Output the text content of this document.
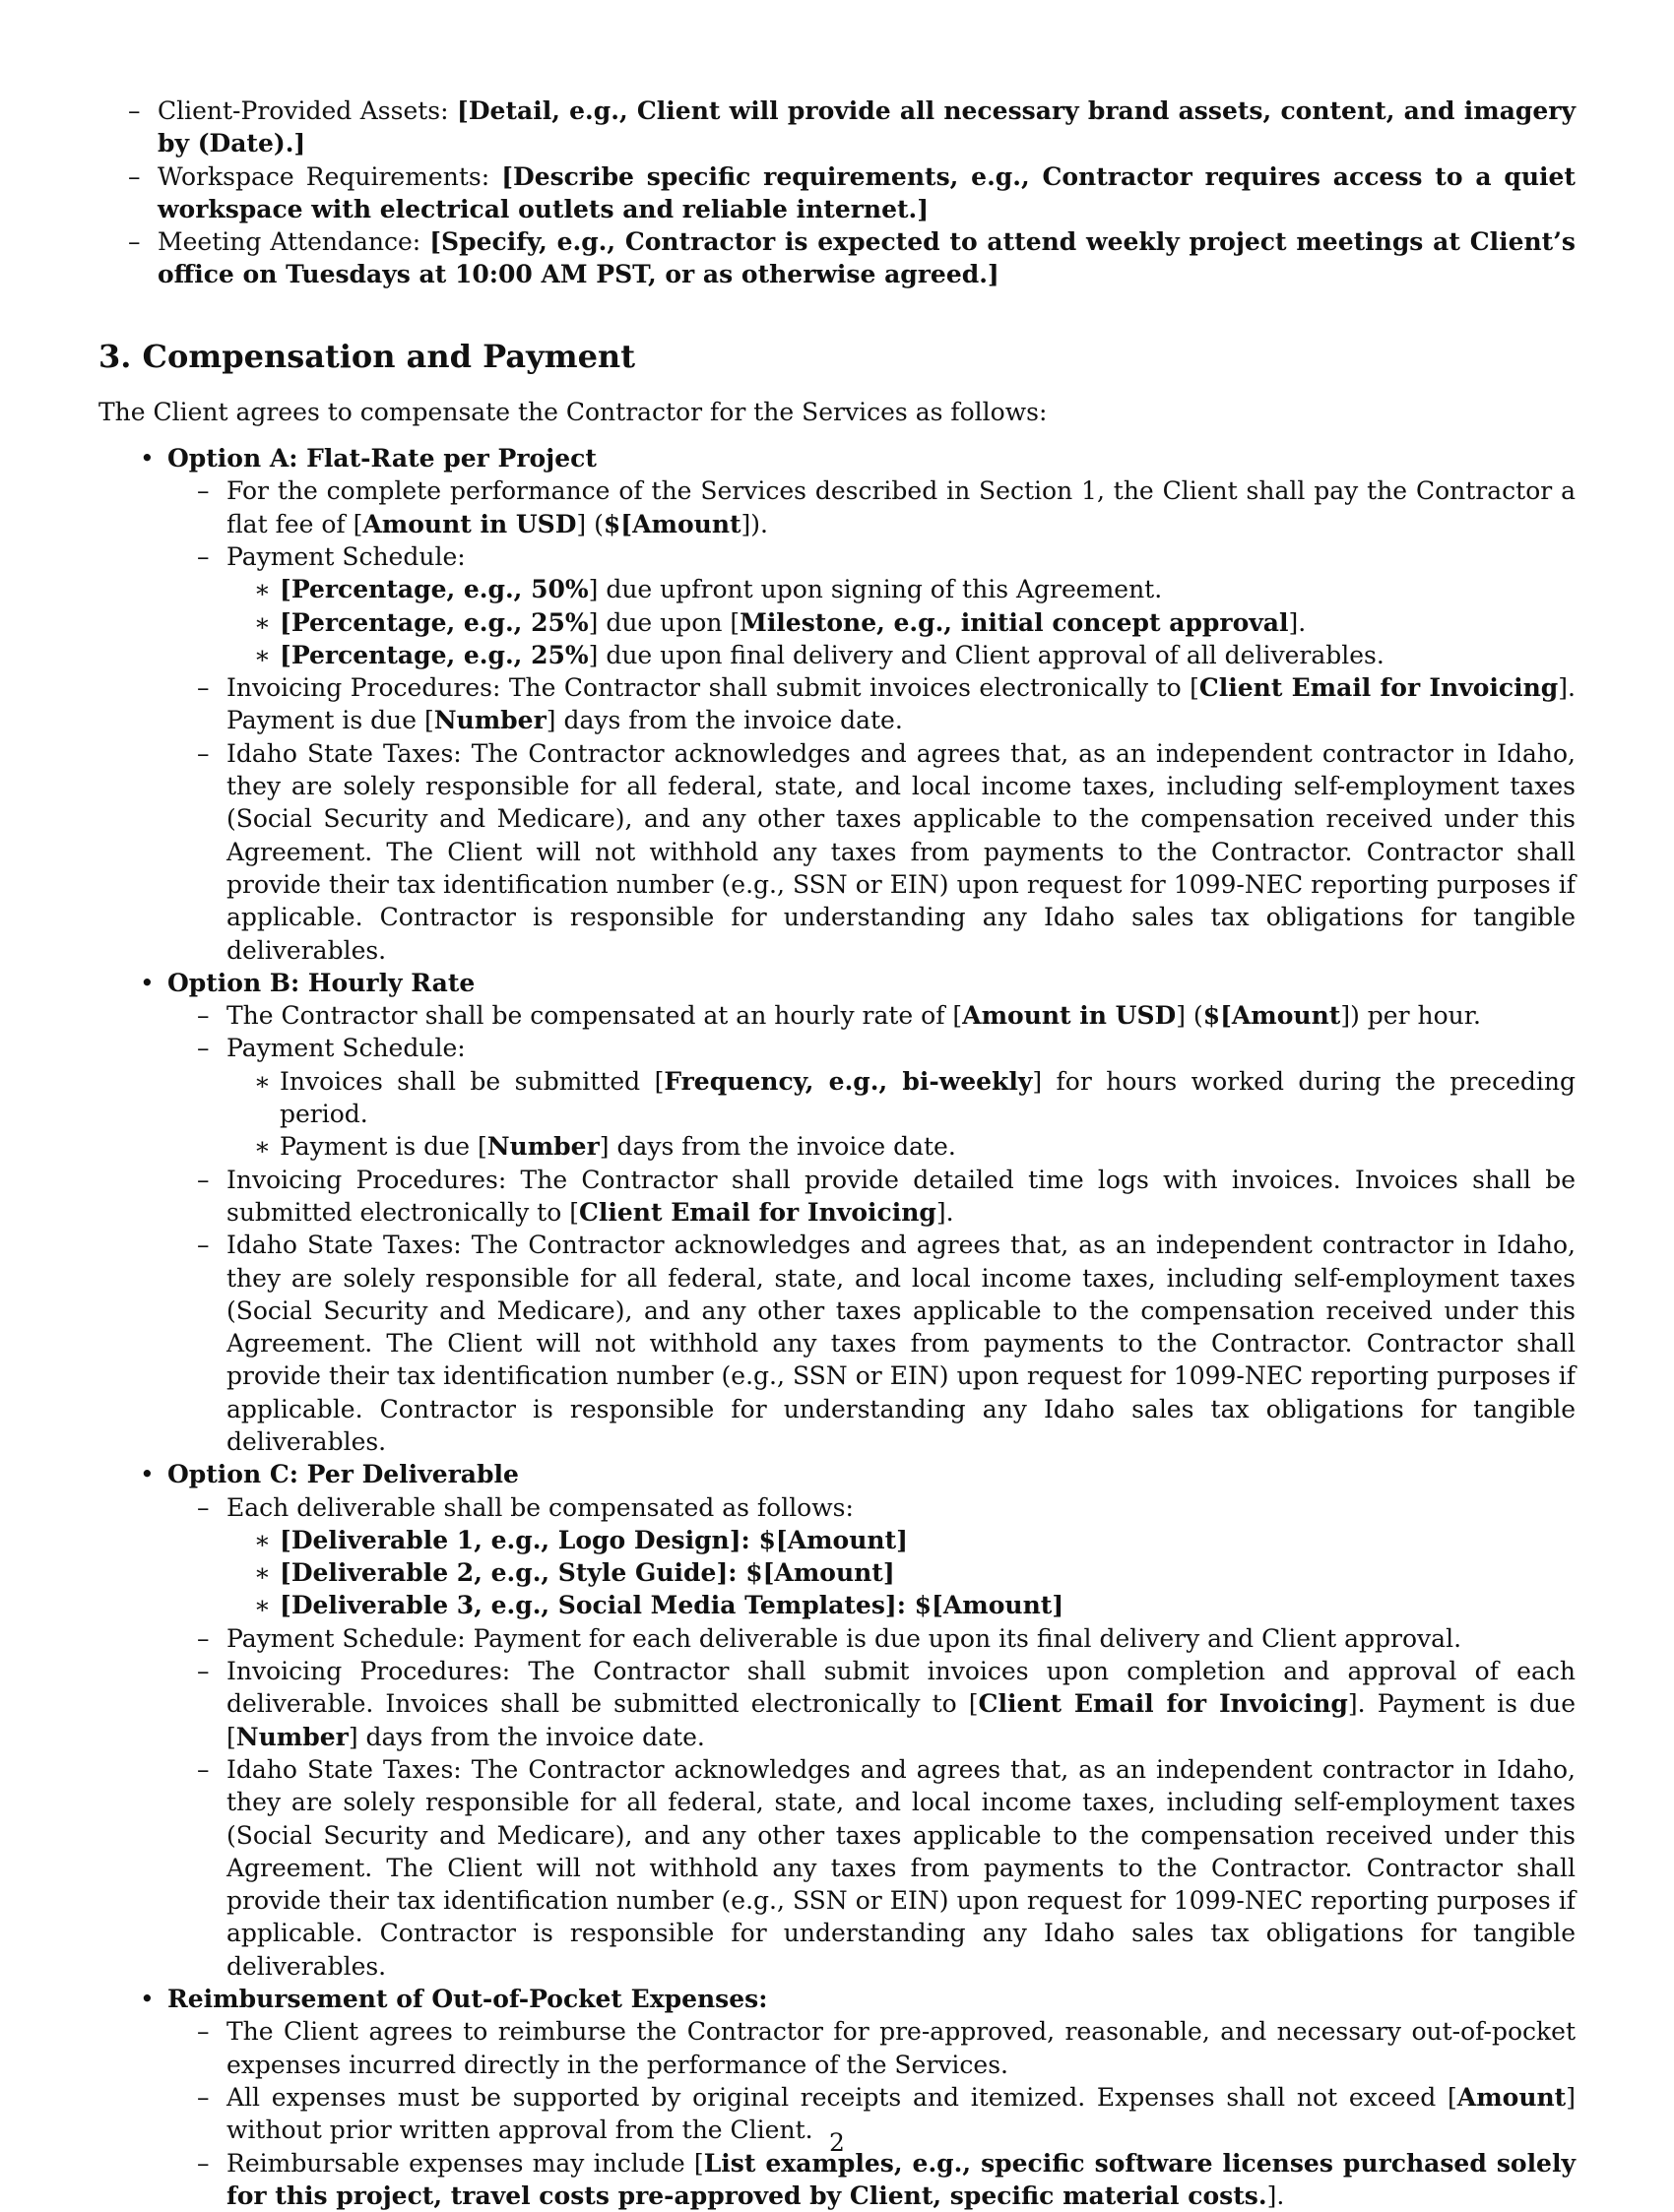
– Client-Provided Assets: [Detail, e.g., Client will provide all necessary brand assets, content, and imagery by (Date).]
– Workspace Requirements: [Describe specific requirements, e.g., Contractor requires access to a quiet workspace with electrical outlets and reliable internet.]
– Meeting Attendance: [Specify, e.g., Contractor is expected to attend weekly project meetings at Client’s office on Tuesdays at 10:00 AM PST, or as otherwise agreed.]
3. Compensation and Payment
The Client agrees to compensate the Contractor for the Services as follows:
• Option A: Flat-Rate per Project
– For the complete performance of the Services described in Section 1, the Client shall pay the Contractor a flat fee of [Amount in USD] ($[Amount]).
– Payment Schedule:
∗ [Percentage, e.g., 50%] due upfront upon signing of this Agreement.
∗ [Percentage, e.g., 25%] due upon [Milestone, e.g., initial concept approval].
∗ [Percentage, e.g., 25%] due upon final delivery and Client approval of all deliverables.
– Invoicing Procedures: The Contractor shall submit invoices electronically to [Client Email for Invoicing]. Payment is due [Number] days from the invoice date.
– Idaho State Taxes: The Contractor acknowledges and agrees that, as an independent contractor in Idaho, they are solely responsible for all federal, state, and local income taxes, including self-employment taxes (Social Security and Medicare), and any other taxes applicable to the compensation received under this Agreement. The Client will not withhold any taxes from payments to the Contractor. Contractor shall provide their tax identification number (e.g., SSN or EIN) upon request for 1099-NEC reporting purposes if applicable. Contractor is responsible for understanding any Idaho sales tax obligations for tangible deliverables.
• Option B: Hourly Rate
– The Contractor shall be compensated at an hourly rate of [Amount in USD] ($[Amount]) per hour.
– Payment Schedule:
∗ Invoices shall be submitted [Frequency, e.g., bi-weekly] for hours worked during the preceding period.
∗ Payment is due [Number] days from the invoice date.
– Invoicing Procedures: The Contractor shall provide detailed time logs with invoices. Invoices shall be submitted electronically to [Client Email for Invoicing].
– Idaho State Taxes: The Contractor acknowledges and agrees that, as an independent contractor in Idaho, they are solely responsible for all federal, state, and local income taxes, including self-employment taxes (Social Security and Medicare), and any other taxes applicable to the compensation received under this Agreement. The Client will not withhold any taxes from payments to the Contractor. Contractor shall provide their tax identification number (e.g., SSN or EIN) upon request for 1099-NEC reporting purposes if applicable. Contractor is responsible for understanding any Idaho sales tax obligations for tangible deliverables.
• Option C: Per Deliverable
– Each deliverable shall be compensated as follows:
∗ [Deliverable 1, e.g., Logo Design]: $[Amount]
∗ [Deliverable 2, e.g., Style Guide]: $[Amount]
∗ [Deliverable 3, e.g., Social Media Templates]: $[Amount]
– Payment Schedule: Payment for each deliverable is due upon its final delivery and Client approval.
– Invoicing Procedures: The Contractor shall submit invoices upon completion and approval of each deliverable. Invoices shall be submitted electronically to [Client Email for Invoicing]. Payment is due [Number] days from the invoice date.
– Idaho State Taxes: The Contractor acknowledges and agrees that, as an independent contractor in Idaho, they are solely responsible for all federal, state, and local income taxes, including self-employment taxes (Social Security and Medicare), and any other taxes applicable to the compensation received under this Agreement. The Client will not withhold any taxes from payments to the Contractor. Contractor shall provide their tax identification number (e.g., SSN or EIN) upon request for 1099-NEC reporting purposes if applicable. Contractor is responsible for understanding any Idaho sales tax obligations for tangible deliverables.
• Reimbursement of Out-of-Pocket Expenses:
– The Client agrees to reimburse the Contractor for pre-approved, reasonable, and necessary out-of-pocket expenses incurred directly in the performance of the Services.
– All expenses must be supported by original receipts and itemized. Expenses shall not exceed [Amount] without prior written approval from the Client.
– Reimbursable expenses may include [List examples, e.g., specific software licenses purchased solely for this project, travel costs pre-approved by Client, specific material costs.].
2
